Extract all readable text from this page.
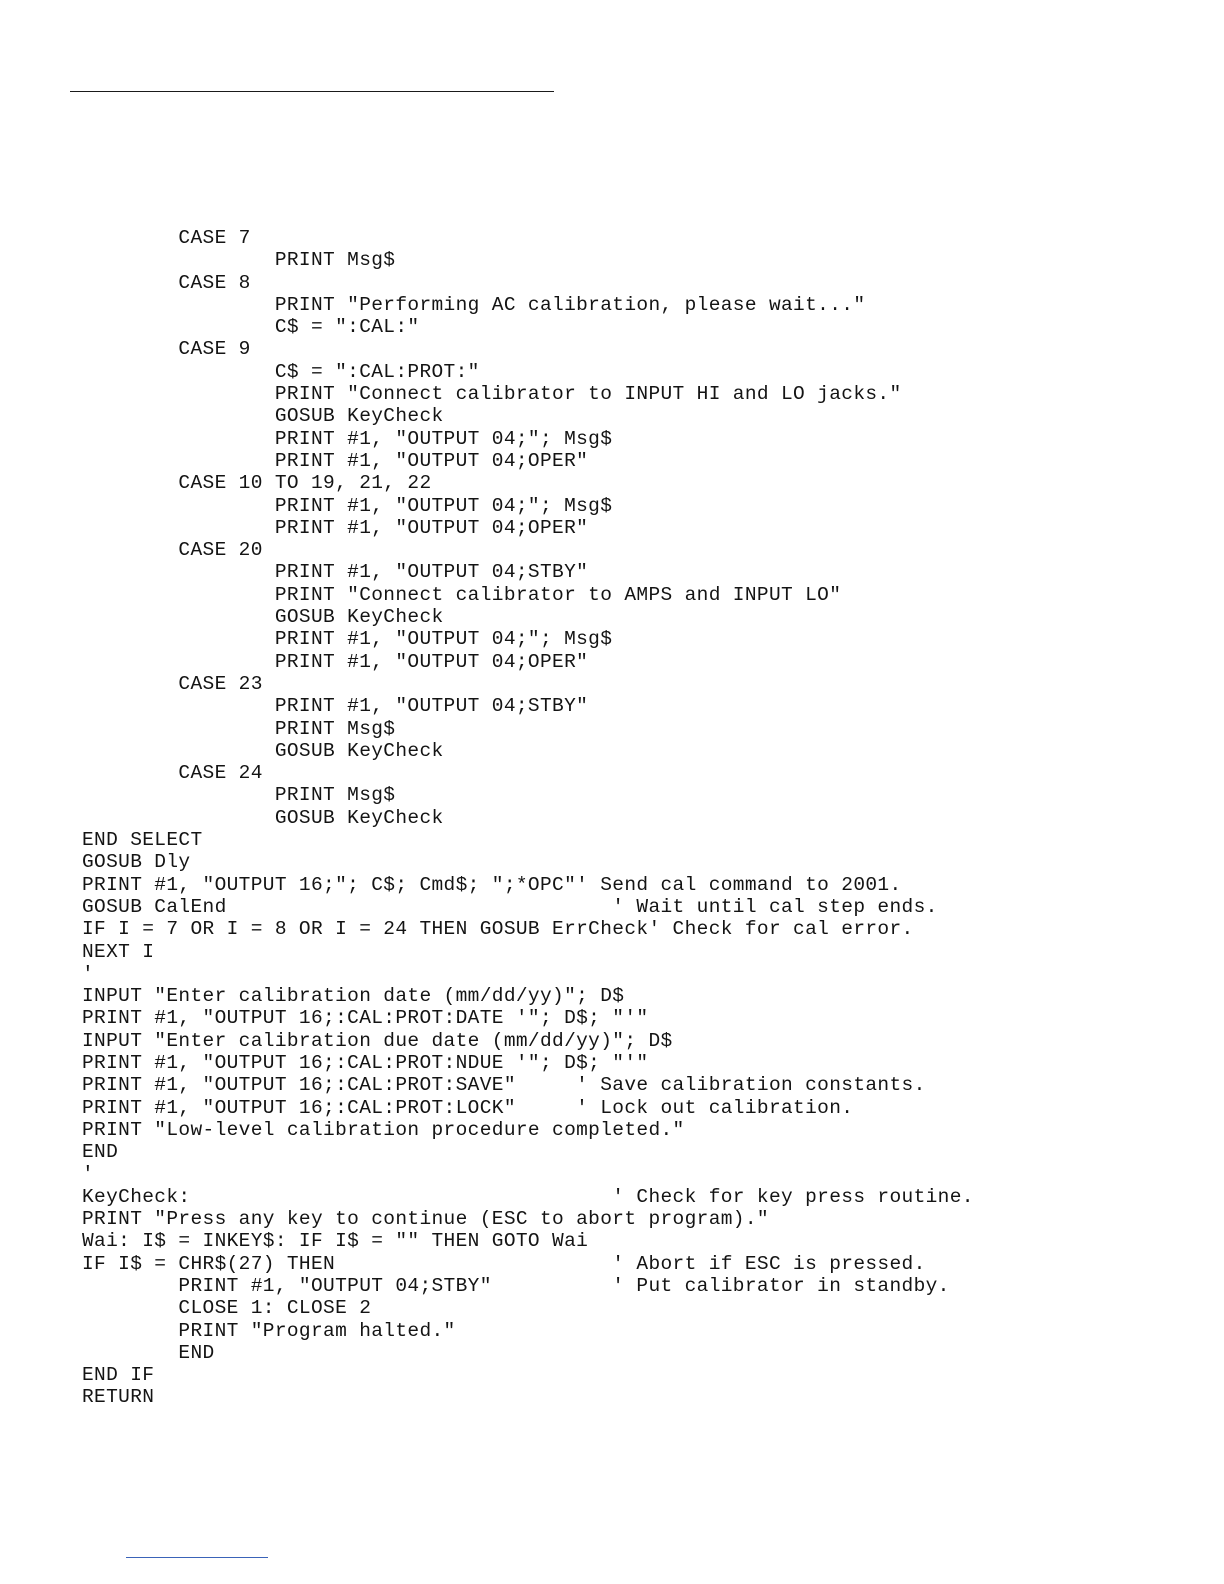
CASE 7
PRINT Msg$
CASE 8
PRINT "Performing AC calibration, please wait..."
C$ = ":CAL:"
CASE 9
C$ = ":CAL:PROT:"
PRINT "Connect calibrator to INPUT HI and LO jacks."
GOSUB KeyCheck
PRINT #1, "OUTPUT 04;"; Msg$
PRINT #1, "OUTPUT 04;OPER"
CASE 10 TO 19, 21, 22
PRINT #1, "OUTPUT 04;"; Msg$
PRINT #1, "OUTPUT 04;OPER"
CASE 20
PRINT #1, "OUTPUT 04;STBY"
PRINT "Connect calibrator to AMPS and INPUT LO"
GOSUB KeyCheck
PRINT #1, "OUTPUT 04;"; Msg$
PRINT #1, "OUTPUT 04;OPER"
CASE 23
PRINT #1, "OUTPUT 04;STBY"
PRINT Msg$
GOSUB KeyCheck
CASE 24
PRINT Msg$
GOSUB KeyCheck
END SELECT
GOSUB Dly
PRINT #1, "OUTPUT 16;"; C$; Cmd$; ";*OPC"' Send cal command to 2001.
GOSUB CalEnd                                ' Wait until cal step ends.
IF I = 7 OR I = 8 OR I = 24 THEN GOSUB ErrCheck' Check for cal error.
NEXT I
'
INPUT "Enter calibration date (mm/dd/yy)"; D$
PRINT #1, "OUTPUT 16;:CAL:PROT:DATE '"; D$; "'"
INPUT "Enter calibration due date (mm/dd/yy)"; D$
PRINT #1, "OUTPUT 16;:CAL:PROT:NDUE '"; D$; "'"
PRINT #1, "OUTPUT 16;:CAL:PROT:SAVE"     ' Save calibration constants.
PRINT #1, "OUTPUT 16;:CAL:PROT:LOCK"     ' Lock out calibration.
PRINT "Low-level calibration procedure completed."
END
'
KeyCheck:                                   ' Check for key press routine.
PRINT "Press any key to continue (ESC to abort program)."
Wai: I$ = INKEY$: IF I$ = "" THEN GOTO Wai
IF I$ = CHR$(27) THEN                       ' Abort if ESC is pressed.
PRINT #1, "OUTPUT 04;STBY"          ' Put calibrator in standby.
CLOSE 1: CLOSE 2
PRINT "Program halted."
END
END IF
RETURN
